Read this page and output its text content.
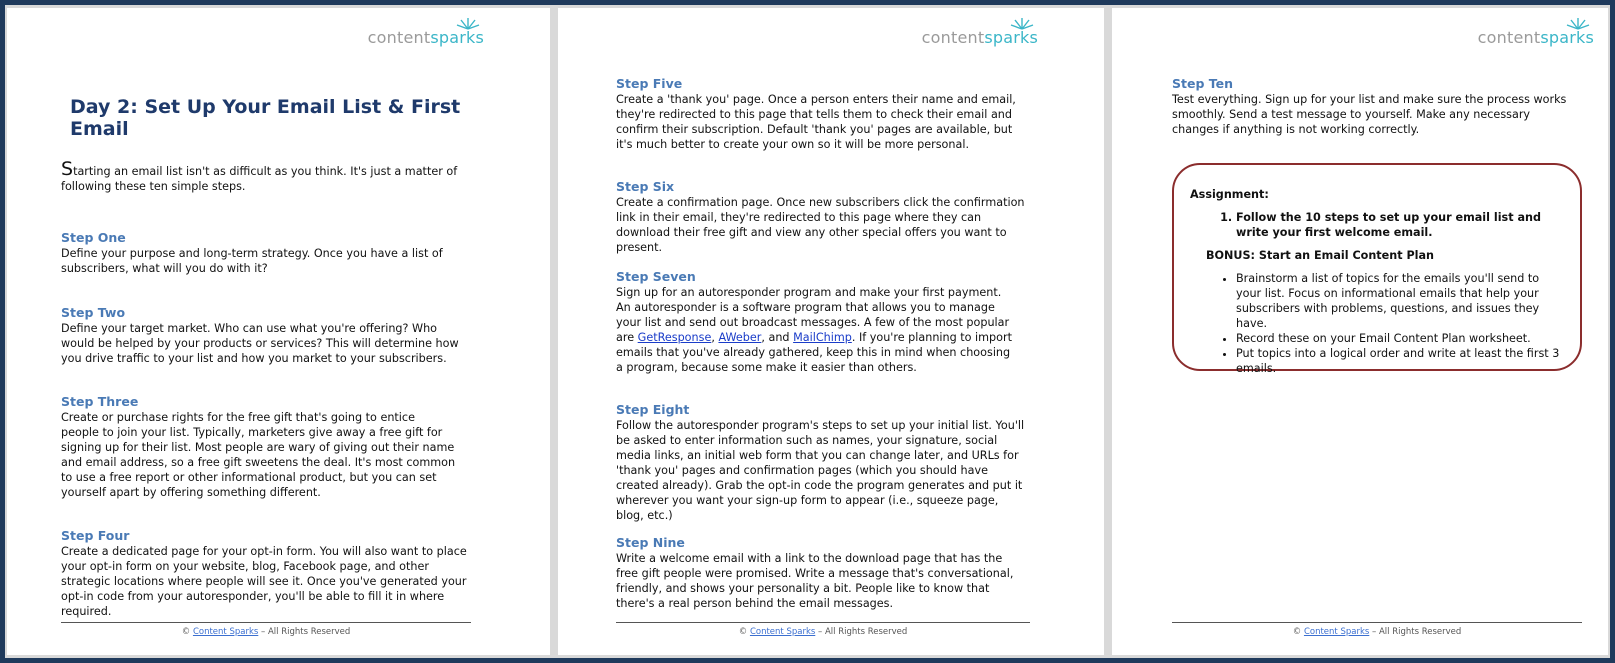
contentsparks
Day 2: Set Up Your Email List & First Email

Starting an email list isn't as difficult as you think. It's just a matter of following these ten simple steps.

Step One

Define your purpose and long-term strategy. Once you have a list of subscribers, what will you do with it?

Step Two

Define your target market. Who can use what you're offering? Who would be helped by your products or services? This will determine how you drive traffic to your list and how you market to your subscribers.

Step Three

Create or purchase rights for the free gift that's going to entice people to join your list. Typically, marketers give away a free gift for signing up for their list. Most people are wary of giving out their name and email address, so a free gift sweetens the deal. It's most common to use a free report or other informational product, but you can set yourself apart by offering something different.

Step Four

Create a dedicated page for your opt-in form. You will also want to place your opt-in form on your website, blog, Facebook page, and other strategic locations where people will see it. Once you've generated your opt-in code from your autoresponder, you'll be able to fill it in where required.

© Content Sparks – All Rights Reserved
contentsparks
Step Five

Create a 'thank you' page. Once a person enters their name and email, they're redirected to this page that tells them to check their email and confirm their subscription. Default 'thank you' pages are available, but it's much better to create your own so it will be more personal.

Step Six

Create a confirmation page. Once new subscribers click the confirmation link in their email, they're redirected to this page where they can download their free gift and view any other special offers you want to present.

Step Seven

Sign up for an autoresponder program and make your first payment. An autoresponder is a software program that allows you to manage your list and send out broadcast messages. A few of the most popular are GetResponse, AWeber, and MailChimp. If you're planning to import emails that you've already gathered, keep this in mind when choosing a program, because some make it easier than others.

Step Eight

Follow the autoresponder program's steps to set up your initial list. You'll be asked to enter information such as names, your signature, social media links, an initial web form that you can change later, and URLs for 'thank you' pages and confirmation pages (which you should have created already). Grab the opt-in code the program generates and put it wherever you want your sign-up form to appear (i.e., squeeze page, blog, etc.)

Step Nine

Write a welcome email with a link to the download page that has the free gift people were promised. Write a message that's conversational, friendly, and shows your personality a bit. People like to know that there's a real person behind the email messages.

© Content Sparks – All Rights Reserved
contentsparks
Step Ten

Test everything. Sign up for your list and make sure the process works smoothly. Send a test message to yourself. Make any necessary changes if anything is not working correctly.

Assignment:

1. Follow the 10 steps to set up your email list and write your first welcome email.

BONUS: Start an Email Content Plan

• Brainstorm a list of topics for the emails you'll send to your list. Focus on informational emails that help your subscribers with problems, questions, and issues they have.
• Record these on your Email Content Plan worksheet.
• Put topics into a logical order and write at least the first 3 emails.
© Content Sparks – All Rights Reserved
